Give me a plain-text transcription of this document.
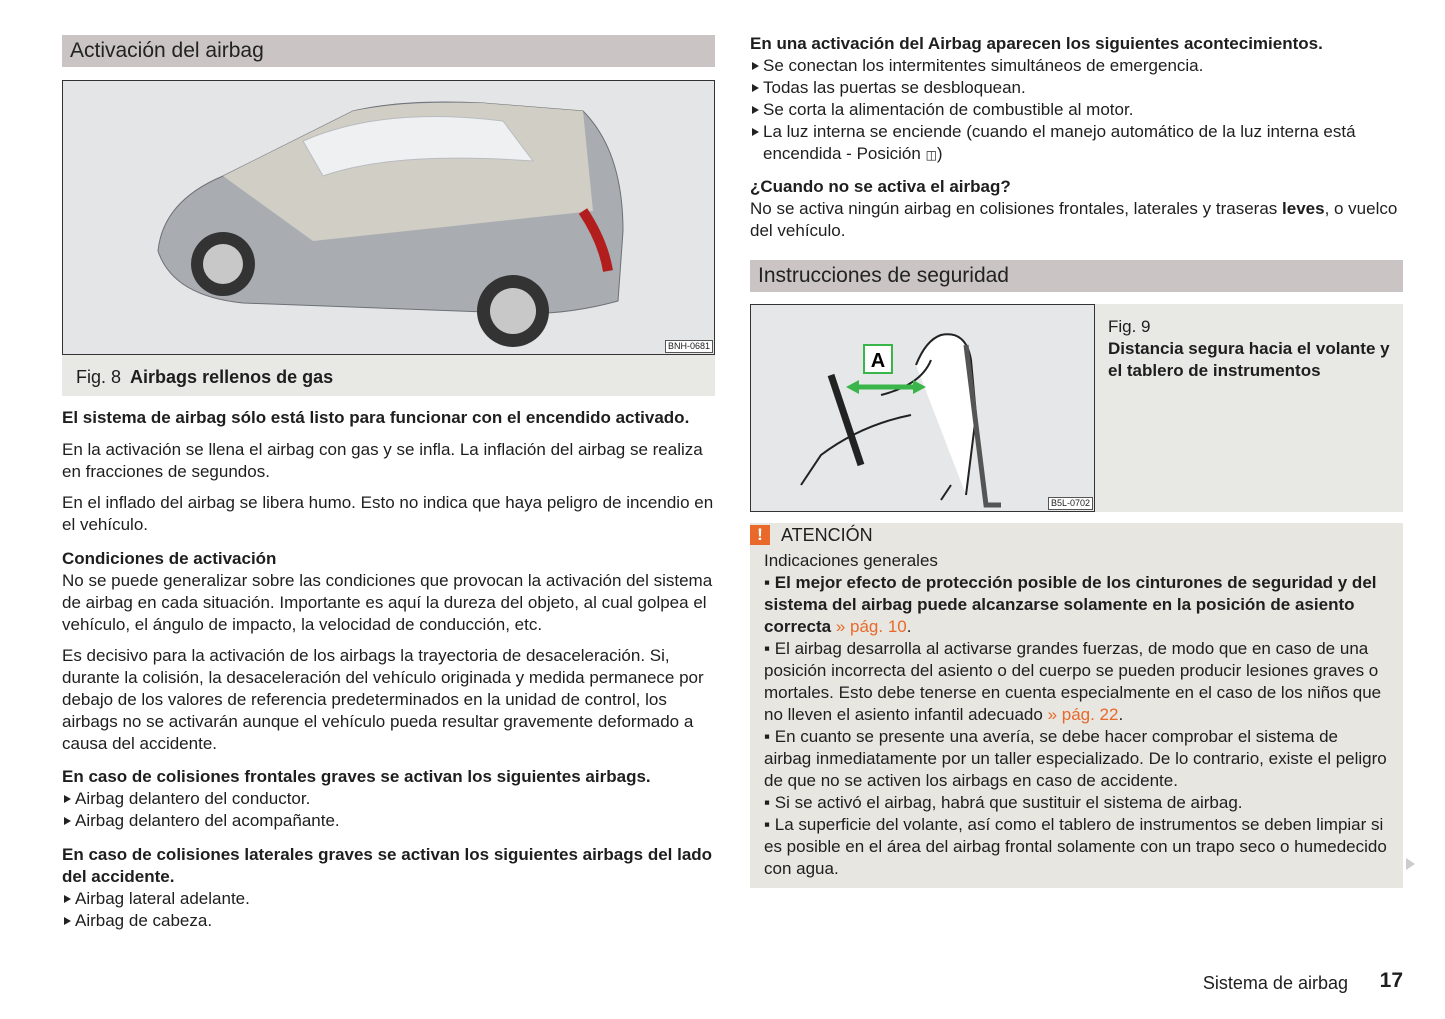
Activación del airbag
BNH-0681
Fig. 8 Airbags rellenos de gas

El sistema de airbag sólo está listo para funcionar con el encendido activado.

En la activación se llena el airbag con gas y se infla. La inflación del airbag se realiza en fracciones de segundos.

En el inflado del airbag se libera humo. Esto no indica que haya peligro de incendio en el vehículo.

Condiciones de activación

No se puede generalizar sobre las condiciones que provocan la activación del sistema de airbag en cada situación. Importante es aquí la dureza del objeto, al cual golpea el vehículo, el ángulo de impacto, la velocidad de conducción, etc.

Es decisivo para la activación de los airbags la trayectoria de desaceleración. Si, durante la colisión, la desaceleración del vehículo originada y medida permanece por debajo de los valores de referencia predeterminados en la unidad de control, los airbags no se activarán aunque el vehículo pueda resultar gravemente deformado a causa del accidente.

En caso de colisiones frontales graves se activan los siguientes airbags.

Airbag delantero del conductor.

Airbag delantero del acompañante.

En caso de colisiones laterales graves se activan los siguientes airbags del lado del accidente.

Airbag lateral adelante.

Airbag de cabeza.

En una activación del Airbag aparecen los siguientes acontecimientos.

Se conectan los intermitentes simultáneos de emergencia.

Todas las puertas se desbloquean.

Se corta la alimentación de combustible al motor.

La luz interna se enciende (cuando el manejo automático de la luz interna está encendida - Posición ◫)

¿Cuando no se activa el airbag?

No se activa ningún airbag en colisiones frontales, laterales y traseras leves, o vuelco del vehículo.

Instrucciones de seguridad
A
B5L-0702

Fig. 9

Distancia segura hacia el volante y el tablero de instrumentos

!	ATENCIÓN

Indicaciones generales

▪ El mejor efecto de protección posible de los cinturones de seguridad y del sistema del airbag puede alcanzarse solamente en la posición de asiento correcta » pág. 10.

▪ El airbag desarrolla al activarse grandes fuerzas, de modo que en caso de una posición incorrecta del asiento o del cuerpo se pueden producir lesiones graves o mortales. Esto debe tenerse en cuenta especialmente en el caso de los niños que no lleven el asiento infantil adecuado » pág. 22.

▪ En cuanto se presente una avería, se debe hacer comprobar el sistema de airbag inmediatamente por un taller especializado. De lo contrario, existe el peligro de que no se activen los airbags en caso de accidente.

▪ Si se activó el airbag, habrá que sustituir el sistema de airbag.

▪ La superficie del volante, así como el tablero de instrumentos se deben limpiar si es posible en el área del airbag frontal solamente con un trapo seco o humedecido con agua.

Sistema de airbag 17
